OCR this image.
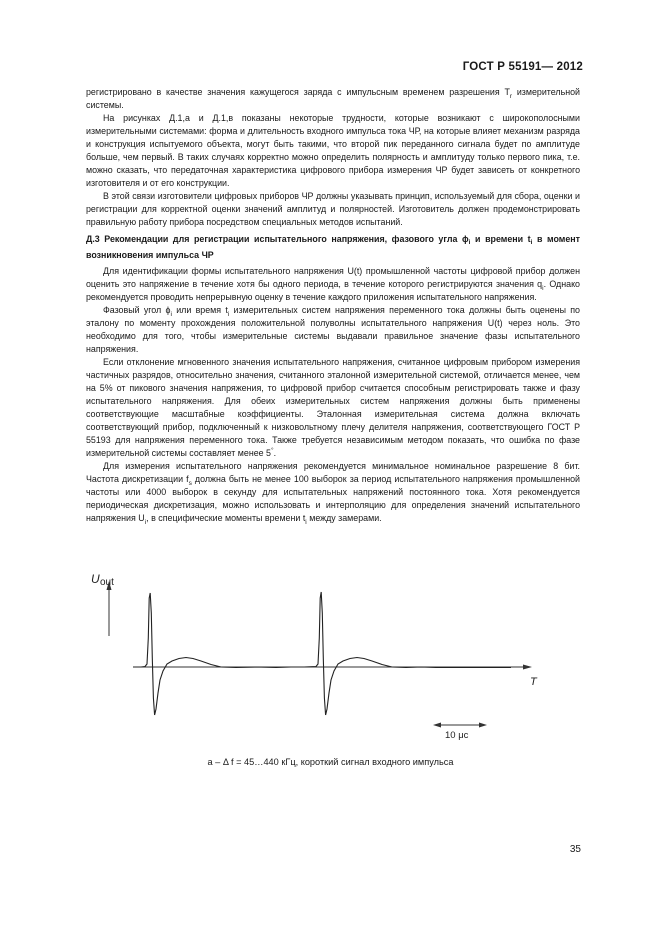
ГОСТ Р 55191— 2012

регистрировано в качестве значения кажущегося заряда с импульсным временем разрешения $T_r$ измерительной системы.

На рисунках Д.1,а и Д.1,в показаны некоторые трудности, которые возникают с широкополосными измерительными системами: форма и длительность входного импульса тока ЧР, на которые влияет механизм разряда и конструкция испытуемого объекта, могут быть такими, что второй пик переданного сигнала будет по амплитуде больше, чем первый. В таких случаях корректно можно определить полярность и амплитуду только первого пика, т.е. можно сказать, что передаточная характеристика цифрового прибора измерения ЧР будет зависеть от конкретного изготовителя и от его конструкции.

В этой связи изготовители цифровых приборов ЧР должны указывать принцип, используемый для сбора, оценки и регистрации для корректной оценки значений амплитуд и полярностей. Изготовитель должен продемонстрировать правильную работу прибора посредством специальных методов испытаний.

Д.3 Рекомендации для регистрации испытательного напряжения, фазового угла $\phi_i$ и времени $t_i$ в момент возникновения импульса ЧР

Для идентификации формы испытательного напряжения U(t) промышленной частоты цифровой прибор должен оценить это напряжение в течение хотя бы одного периода, в течение которого регистрируются значения $q_i$. Однако рекомендуется проводить непрерывную оценку в течение каждого приложения испытательного напряжения.

Фазовый угол $\phi_i$ или время $t_i$ измерительных систем напряжения переменного тока должны быть оценены по эталону по моменту прохождения положительной полуволны испытательного напряжения U(t) через ноль. Это необходимо для того, чтобы измерительные системы выдавали правильное значение фазы испытательного напряжения.

Если отклонение мгновенного значения испытательного напряжения, считанное цифровым прибором измерения частичных разрядов, относительно значения, считанного эталонной измерительной системой, отличается менее, чем на 5% от пикового значения напряжения, то цифровой прибор считается способным регистрировать также и фазу испытательного напряжения. Для обеих измерительных систем напряжения должны быть применены соответствующие масштабные коэффициенты. Эталонная измерительная система должна включать соответствующий прибор, подключенный к низковольтному плечу делителя напряжения, соответствующего ГОСТ Р 55193 для напряжения переменного тока. Также требуется независимым методом показать, что ошибка по фазе измерительной системы составляет менее 5°.

Для измерения испытательного напряжения рекомендуется минимальное номинальное разрешение 8 бит. Частота дискретизации $f_s$ должна быть не менее 100 выборок за период испытательного напряжения промышленной частоты или 4000 выборок в секунду для испытательных напряжений постоянного тока. Хотя рекомендуется периодическая дискретизация, можно использовать и интерполяцию для определения значений испытательного напряжения $U_i$, в специфические моменты времени $t_i$ между замерами.

U out
T
10 μc
а – Δ f = 45…440 кГц, короткий сигнал входного импульса
35
